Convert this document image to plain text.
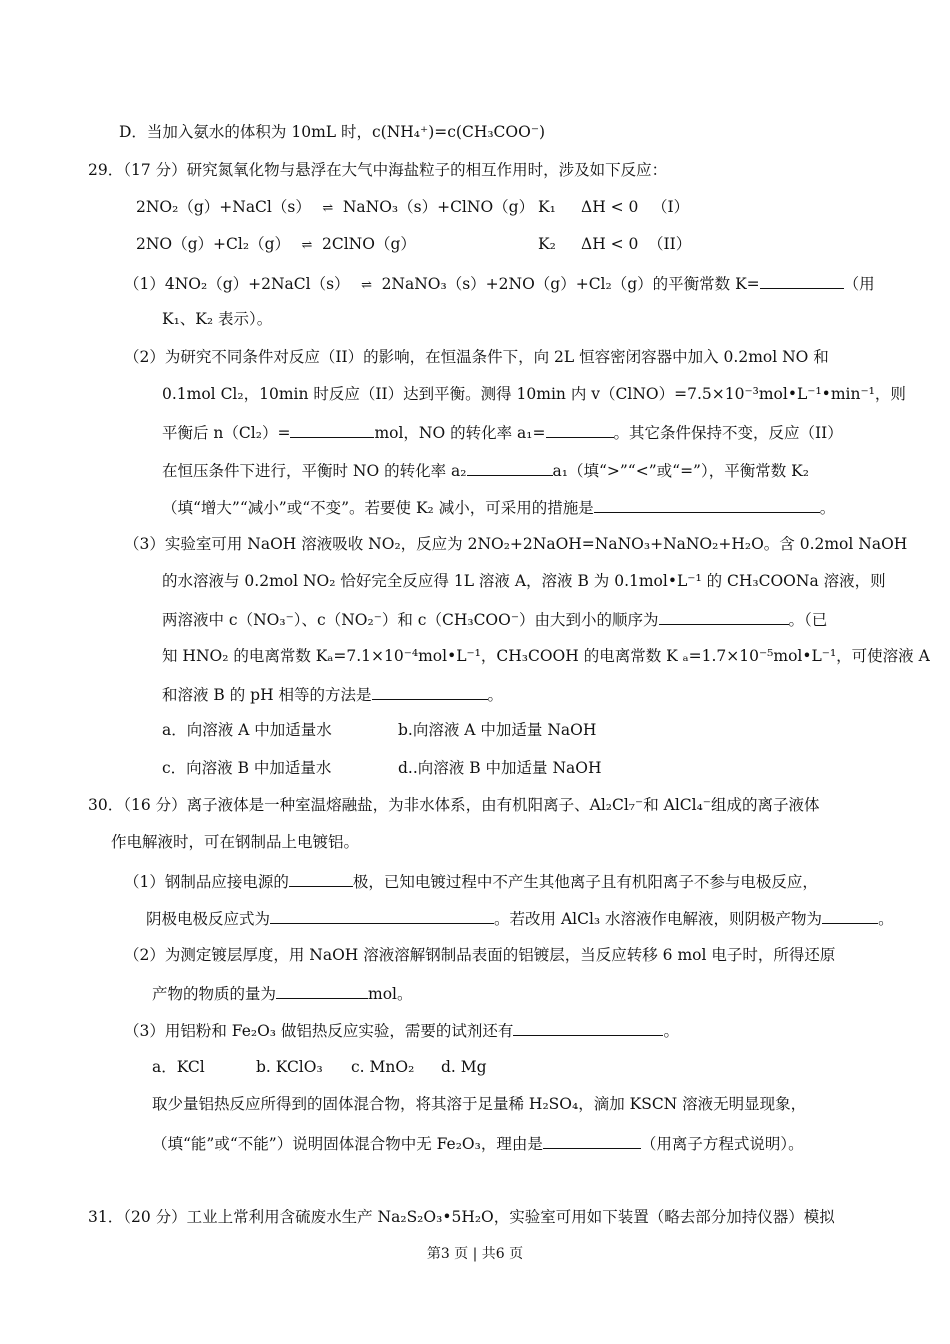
D．当加入氨水的体积为 10mL 时，c(NH₄⁺)=c(CH₃COO⁻)
29．（17 分）研究氮氧化物与悬浮在大气中海盐粒子的相互作用时，涉及如下反应：
2NO₂（g）+NaCl（s） ⇌ NaNO₃（s）+ClNO（g） K₁ ΔH < 0 （I）
2NO（g）+Cl₂（g） ⇌ 2ClNO（g）	K₂ ΔH < 0 （II）
（1）4NO₂（g）+2NaCl（s） ⇌ 2NaNO₃（s）+2NO（g）+Cl₂（g）的平衡常数 K=	（用
K₁、K₂ 表示）。
（2）为研究不同条件对反应（II）的影响，在恒温条件下，向 2L 恒容密闭容器中加入 0.2mol NO 和
0.1mol Cl₂，10min 时反应（II）达到平衡。测得 10min 内 v（ClNO）=7.5×10⁻³mol•L⁻¹•min⁻¹，则
平衡后 n（Cl₂）=	mol，NO 的转化率 a₁=	。其它条件保持不变，反应（II）
在恒压条件下进行，平衡时 NO 的转化率 a₂	a₁（填“>”“<”或“=”），平衡常数 K₂
（填“增大”“减小”或“不变”。若要使 K₂ 减小，可采用的措施是	。
（3）实验室可用 NaOH 溶液吸收 NO₂，反应为 2NO₂+2NaOH=NaNO₃+NaNO₂+H₂O。含 0.2mol NaOH
的水溶液与 0.2mol NO₂ 恰好完全反应得 1L 溶液 A，溶液 B 为 0.1mol•L⁻¹ 的 CH₃COONa 溶液，则
两溶液中 c（NO₃⁻）、c（NO₂⁻）和 c（CH₃COO⁻）由大到小的顺序为	。（已
知 HNO₂ 的电离常数 Kₐ=7.1×10⁻⁴mol•L⁻¹，CH₃COOH 的电离常数 K ₐ=1.7×10⁻⁵mol•L⁻¹，可使溶液 A
和溶液 B 的 pH 相等的方法是	。
a．向溶液 A 中加适量水	b.向溶液 A 中加适量 NaOH
c．向溶液 B 中加适量水	d..向溶液 B 中加适量 NaOH
30．（16 分）离子液体是一种室温熔融盐，为非水体系，由有机阳离子、Al₂Cl₇⁻和 AlCl₄⁻组成的离子液体
作电解液时，可在钢制品上电镀铝。
（1）钢制品应接电源的	极，已知电镀过程中不产生其他离子且有机阳离子不参与电极反应，
阴极电极反应式为	。若改用 AlCl₃ 水溶液作电解液，则阴极产物为	。
（2）为测定镀层厚度，用 NaOH 溶液溶解钢制品表面的铝镀层，当反应转移 6 mol 电子时，所得还原
产物的物质的量为	mol。
（3）用铝粉和 Fe₂O₃ 做铝热反应实验，需要的试剂还有	。
a．KCl	b. KClO₃ c. MnO₂ d. Mg
取少量铝热反应所得到的固体混合物，将其溶于足量稀 H₂SO₄，滴加 KSCN 溶液无明显现象，
（填“能”或“不能”）说明固体混合物中无 Fe₂O₃，理由是	（用离子方程式说明）。
31．（20 分）工业上常利用含硫废水生产 Na₂S₂O₃•5H₂O，实验室可用如下装置（略去部分加持仪器）模拟
第3 页 | 共6 页
